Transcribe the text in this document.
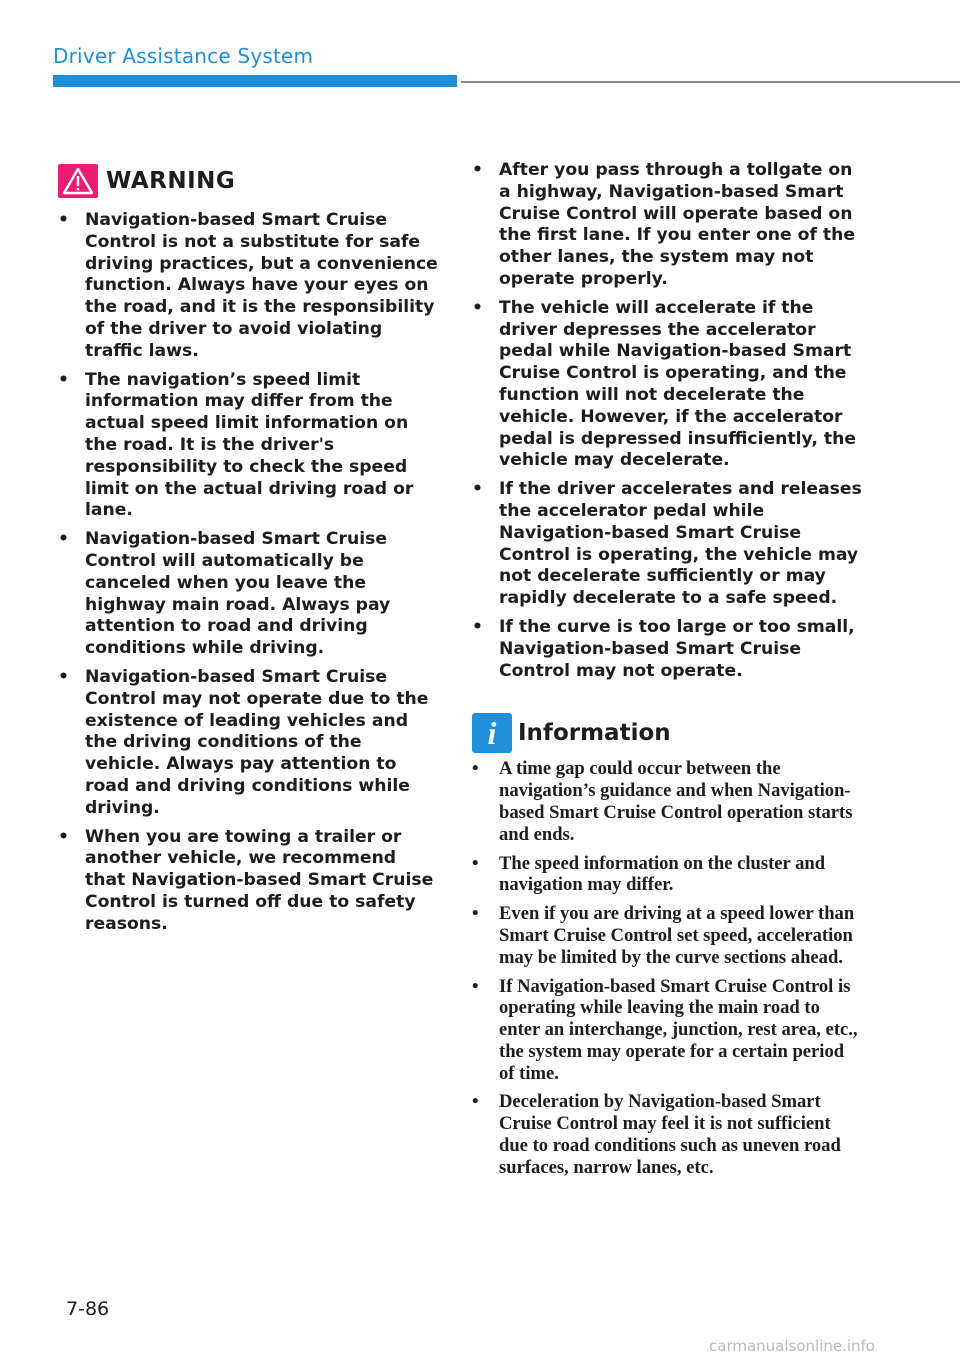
Driver Assistance System
WARNING
• Navigation-based Smart Cruise Control is not a substitute for safe driving practices, but a convenience function. Always have your eyes on the road, and it is the responsibility of the driver to avoid violating traffic laws.
• The navigation’s speed limit information may differ from the actual speed limit information on the road. It is the driver's responsibility to check the speed limit on the actual driving road or lane.
• Navigation-based Smart Cruise Control will automatically be canceled when you leave the highway main road. Always pay attention to road and driving conditions while driving.
• Navigation-based Smart Cruise Control may not operate due to the existence of leading vehicles and the driving conditions of the vehicle. Always pay attention to road and driving conditions while driving.
• When you are towing a trailer or another vehicle, we recommend that Navigation-based Smart Cruise Control is turned off due to safety reasons.
• After you pass through a tollgate on a highway, Navigation-based Smart Cruise Control will operate based on the first lane. If you enter one of the other lanes, the system may not operate properly.
• The vehicle will accelerate if the driver depresses the accelerator pedal while Navigation-based Smart Cruise Control is operating, and the function will not decelerate the vehicle. However, if the accelerator pedal is depressed insufficiently, the vehicle may decelerate.
• If the driver accelerates and releases the accelerator pedal while Navigation-based Smart Cruise Control is operating, the vehicle may not decelerate sufficiently or may rapidly decelerate to a safe speed.
• If the curve is too large or too small, Navigation-based Smart Cruise Control may not operate.
i Information
• A time gap could occur between the navigation’s guidance and when Navigation-based Smart Cruise Control operation starts and ends.
• The speed information on the cluster and navigation may differ.
• Even if you are driving at a speed lower than Smart Cruise Control set speed, acceleration may be limited by the curve sections ahead.
• If Navigation-based Smart Cruise Control is operating while leaving the main road to enter an interchange, junction, rest area, etc., the system may operate for a certain period of time.
• Deceleration by Navigation-based Smart Cruise Control may feel it is not sufficient due to road conditions such as uneven road surfaces, narrow lanes, etc.
7-86
carmanualsonline.info
